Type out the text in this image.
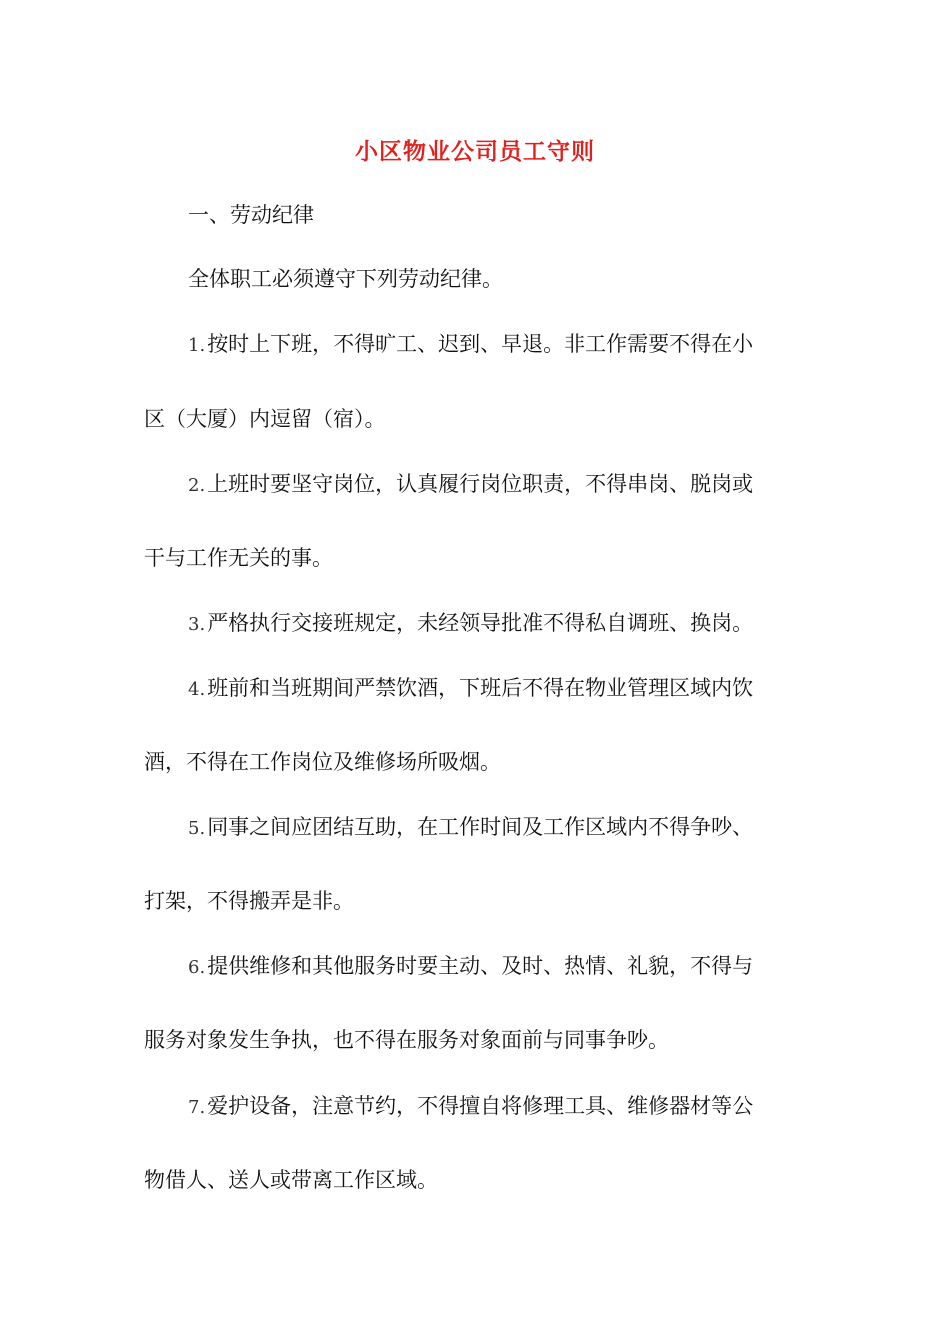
小区物业公司员工守则
一、劳动纪律
全体职工必须遵守下列劳动纪律。
1.按时上下班，不得旷工、迟到、早退。非工作需要不得在小
区（大厦）内逗留（宿）。
2.上班时要坚守岗位，认真履行岗位职责，不得串岗、脱岗或
干与工作无关的事。
3.严格执行交接班规定，未经领导批准不得私自调班、换岗。
4.班前和当班期间严禁饮酒，下班后不得在物业管理区域内饮
酒，不得在工作岗位及维修场所吸烟。
5.同事之间应团结互助，在工作时间及工作区域内不得争吵、
打架，不得搬弄是非。
6.提供维修和其他服务时要主动、及时、热情、礼貌，不得与
服务对象发生争执，也不得在服务对象面前与同事争吵。
7.爱护设备，注意节约，不得擅自将修理工具、维修器材等公
物借人、送人或带离工作区域。
